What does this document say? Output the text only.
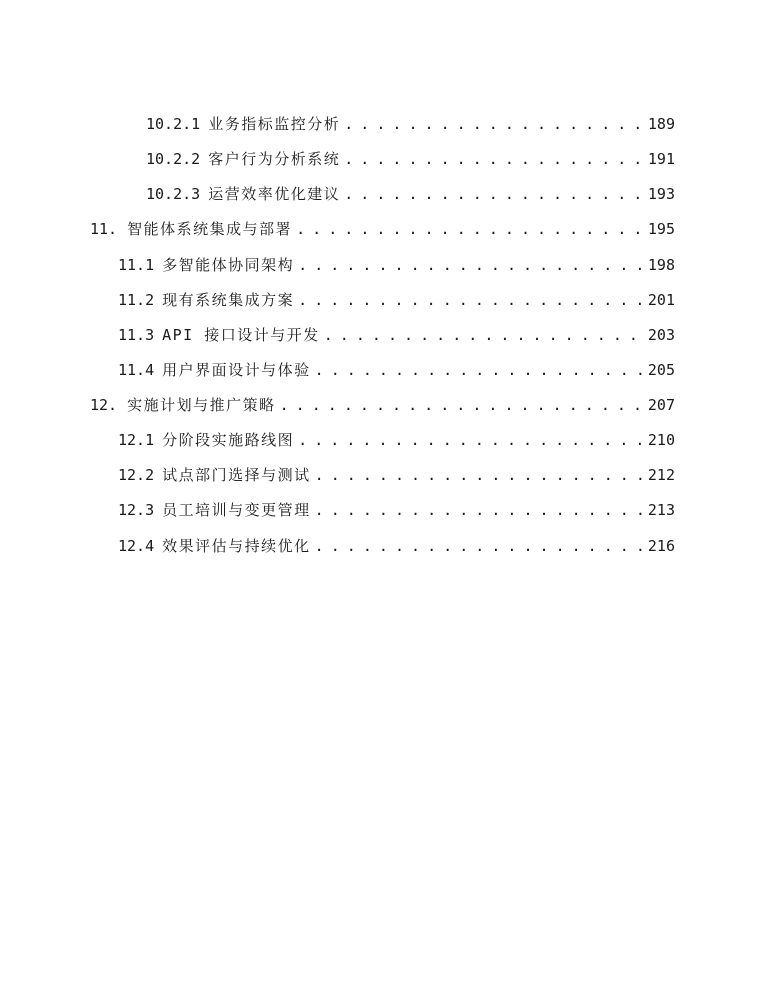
10.2.1 业务指标监控分析 . . .	189
10.2.2 客户行为分析系统 . . .	191
10.2.3 运营效率优化建议 . . .	193
11. 智能体系统集成与部署 . . .	195
11.1 多智能体协同架构 . . .	198
11.2 现有系统集成方案 . . .	201
11.3 API 接口设计与开发 . . .	203
11.4 用户界面设计与体验 . . .	205
12. 实施计划与推广策略 . . .	207
12.1 分阶段实施路线图 . . .	210
12.2 试点部门选择与测试 . . .	212
12.3 员工培训与变更管理 . . .	213
12.4 效果评估与持续优化 . . .	216
